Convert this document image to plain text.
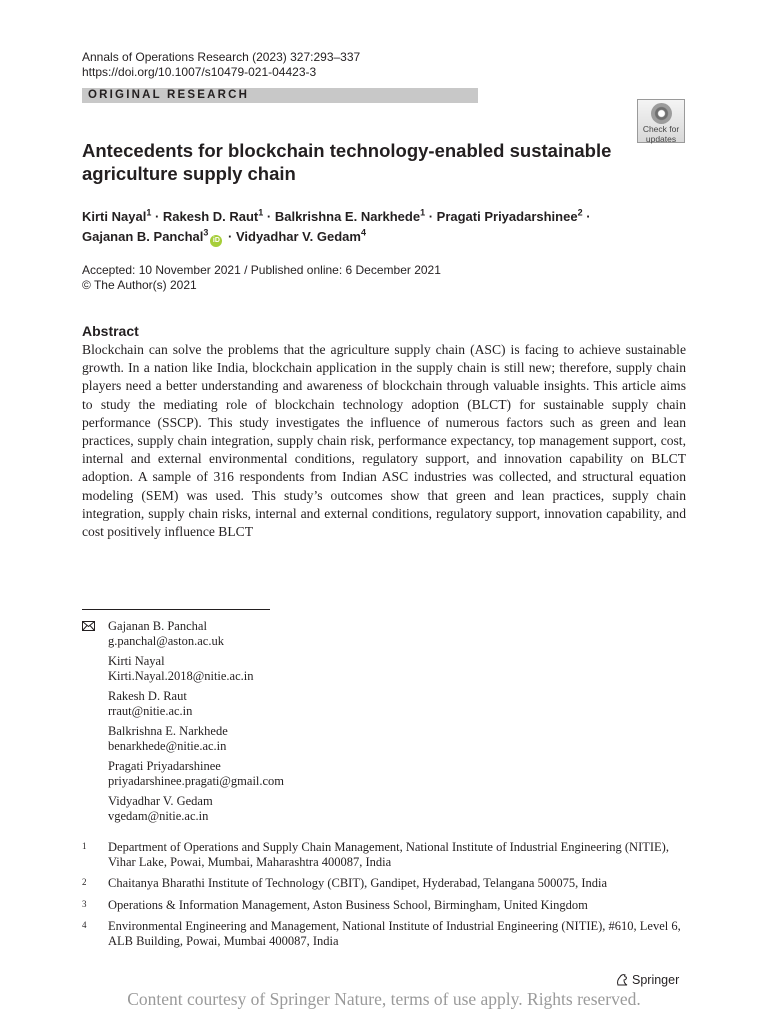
Annals of Operations Research (2023) 327:293–337
https://doi.org/10.1007/s10479-021-04423-3
ORIGINAL RESEARCH
Check for
updates
Antecedents for blockchain technology-enabled sustainable agriculture supply chain
Kirti Nayal$^1$ · Rakesh D. Raut$^1$ · Balkrishna E. Narkhede$^1$ · Pragati Priyadarshinee$^2$ ·
Gajanan B. Panchal$^3$iD · Vidyadhar V. Gedam$^4$
Accepted: 10 November 2021 / Published online: 6 December 2021
© The Author(s) 2021
Abstract
Blockchain can solve the problems that the agriculture supply chain (ASC) is facing to achieve sustainable growth. In a nation like India, blockchain application in the supply chain is still new; therefore, supply chain players need a better understanding and awareness of blockchain through valuable insights. This article aims to study the mediating role of blockchain technology adoption (BLCT) for sustainable supply chain performance (SSCP). This study investigates the influence of numerous factors such as green and lean practices, supply chain integration, supply chain risk, performance expectancy, top management support, cost, internal and external environmental conditions, regulatory support, and innovation capability on BLCT adoption. A sample of 316 respondents from Indian ASC industries was collected, and structural equation modeling (SEM) was used. This study’s outcomes show that green and lean practices, supply chain integration, supply chain risks, internal and external conditions, regulatory support, innovation capability, and cost positively influence BLCT
Gajanan B. Panchal
g.panchal@aston.ac.uk
Kirti Nayal
Kirti.Nayal.2018@nitie.ac.in
Rakesh D. Raut
rraut@nitie.ac.in
Balkrishna E. Narkhede
benarkhede@nitie.ac.in
Pragati Priyadarshinee
priyadarshinee.pragati@gmail.com
Vidyadhar V. Gedam
vgedam@nitie.ac.in
1	Department of Operations and Supply Chain Management, National Institute of Industrial Engineering (NITIE), Vihar Lake, Powai, Mumbai, Maharashtra 400087, India
2	Chaitanya Bharathi Institute of Technology (CBIT), Gandipet, Hyderabad, Telangana 500075, India
3	Operations & Information Management, Aston Business School, Birmingham, United Kingdom
4	Environmental Engineering and Management, National Institute of Industrial Engineering (NITIE), #610, Level 6, ALB Building, Powai, Mumbai 400087, India
Springer
Content courtesy of Springer Nature, terms of use apply. Rights reserved.
